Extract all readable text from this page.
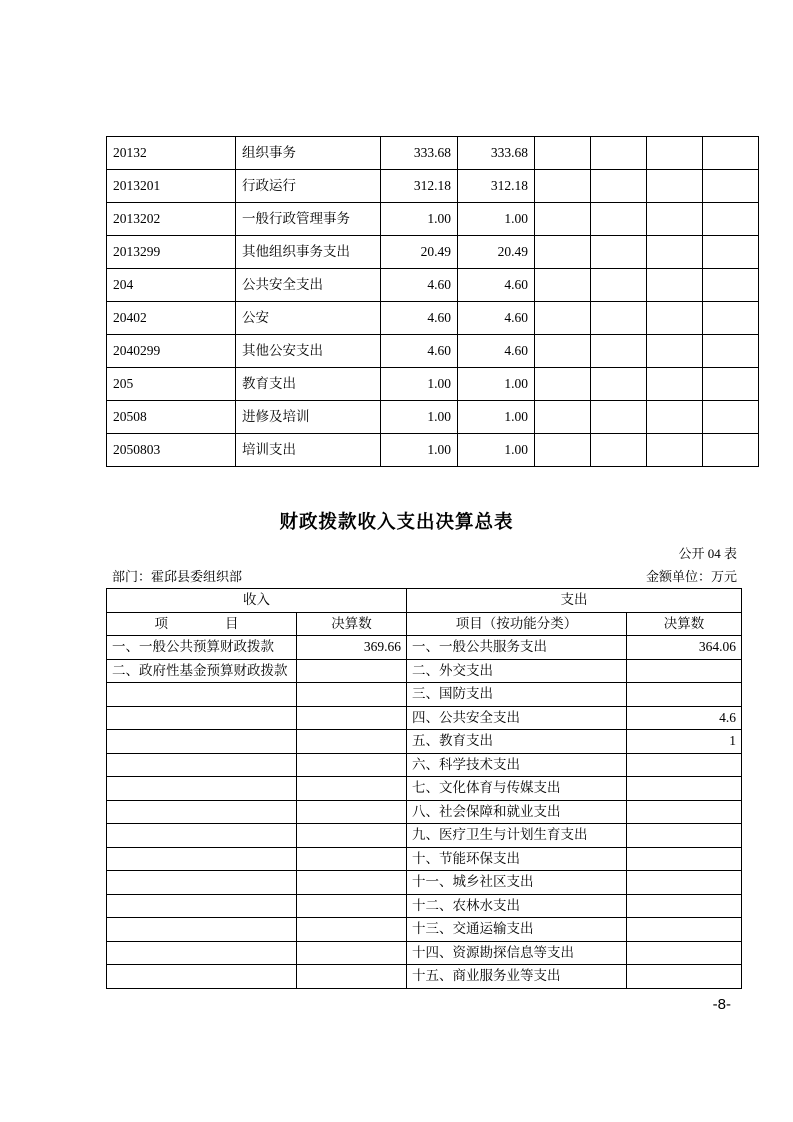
20132	组织事务	333.68	333.68				
2013201	行政运行	312.18	312.18				
2013202	一般行政管理事务	1.00	1.00				
2013299	其他组织事务支出	20.49	20.49				
204	公共安全支出	4.60	4.60				
20402	公安	4.60	4.60				
2040299	其他公安支出	4.60	4.60				
205	教育支出	1.00	1.00				
20508	进修及培训	1.00	1.00				
2050803	培训支出	1.00	1.00				
财政拨款收入支出决算总表
公开 04 表
金额单位：万元
部门：霍邱县委组织部
收入		支出	
项　　目	决算数	项目（按功能分类）	决算数
一、一般公共预算财政拨款	369.66	一、一般公共服务支出	364.06
二、政府性基金预算财政拨款		二、外交支出	
		三、国防支出	
		四、公共安全支出	4.6
		五、教育支出	1
		六、科学技术支出	
		七、文化体育与传媒支出	
		八、社会保障和就业支出	
		九、医疗卫生与计划生育支出	
		十、节能环保支出	
		十一、城乡社区支出	
		十二、农林水支出	
		十三、交通运输支出	
		十四、资源勘探信息等支出	
		十五、商业服务业等支出	
-8-
